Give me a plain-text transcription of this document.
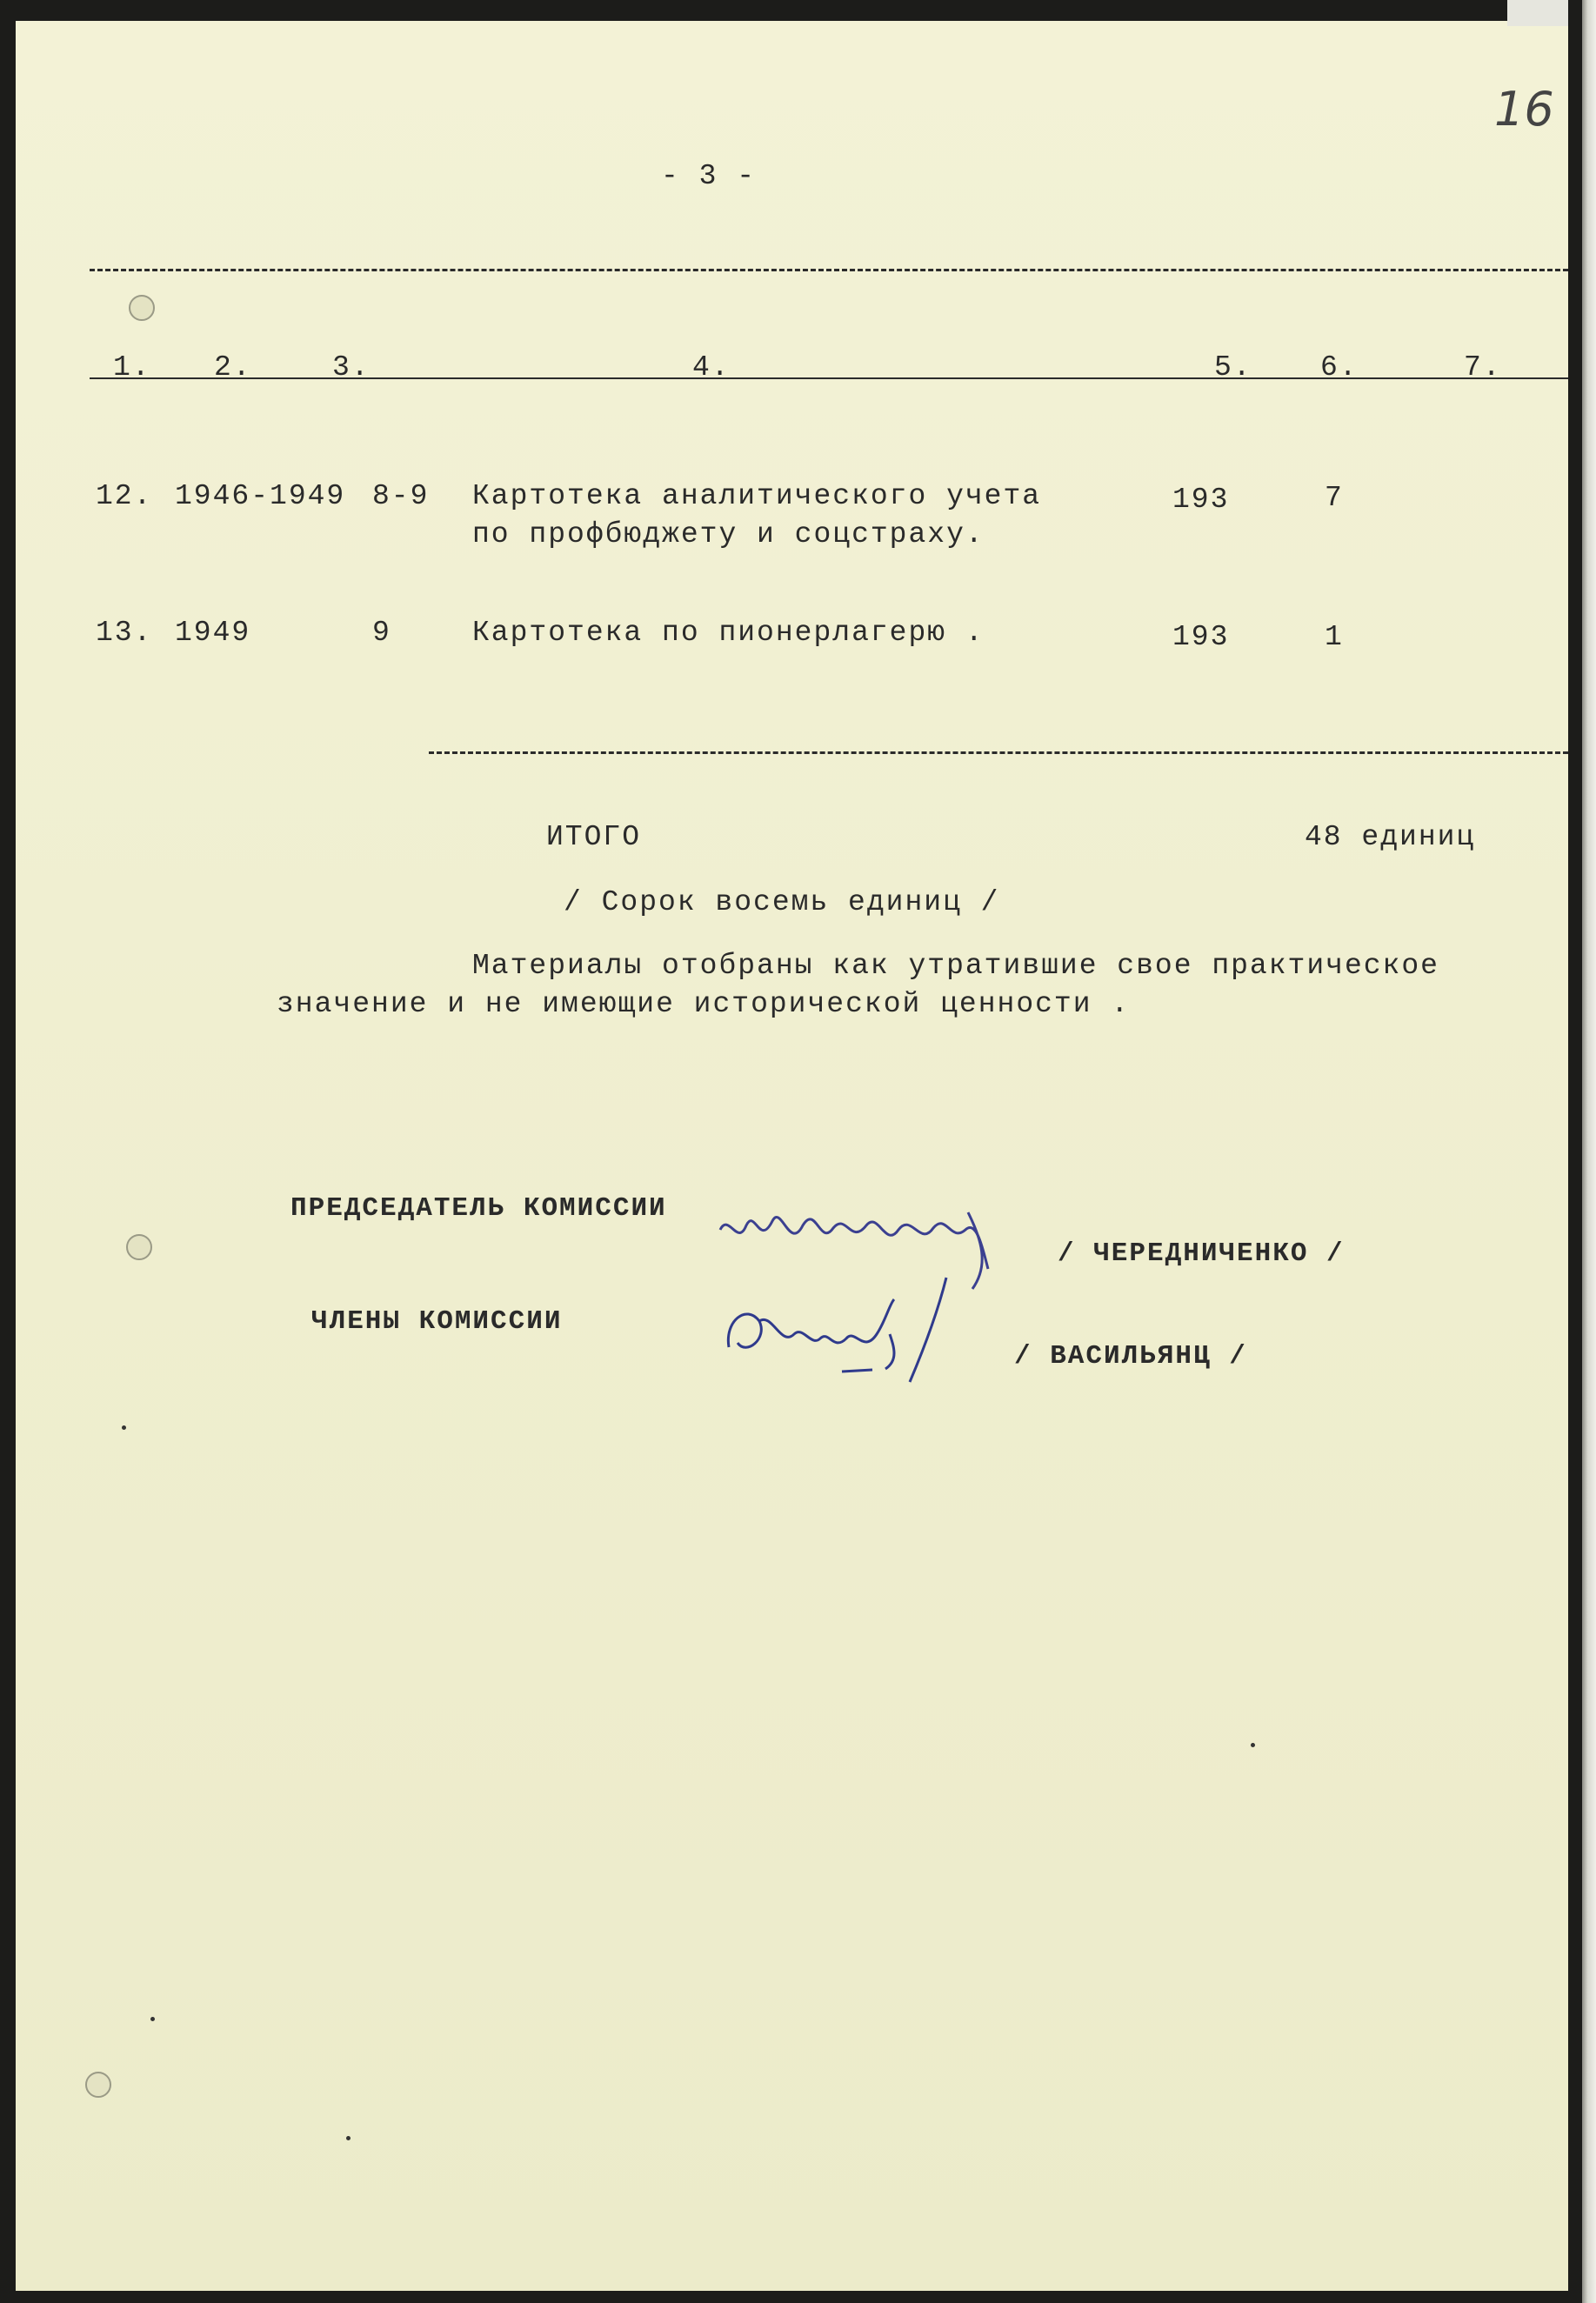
16
- 3 -
1. 2.	3.	4.	5. 6.	7.
12. 1946-1949 8-9 Картотека аналитического учета
по профбюджету и соцстраху.
193	7
13. 1949	9	Картотека по пионерлагерю .	193	1
ИТОГО	48 единиц
/ Сорок восемь единиц /
Материалы отобраны как утратившие свое практическое
значение и не имеющие исторической ценности .
ПРЕДСЕДАТЕЛЬ КОМИССИИ
/ ЧЕРЕДНИЧЕНКО /
ЧЛЕНЫ КОМИССИИ
/ ВАСИЛЬЯНЦ /
